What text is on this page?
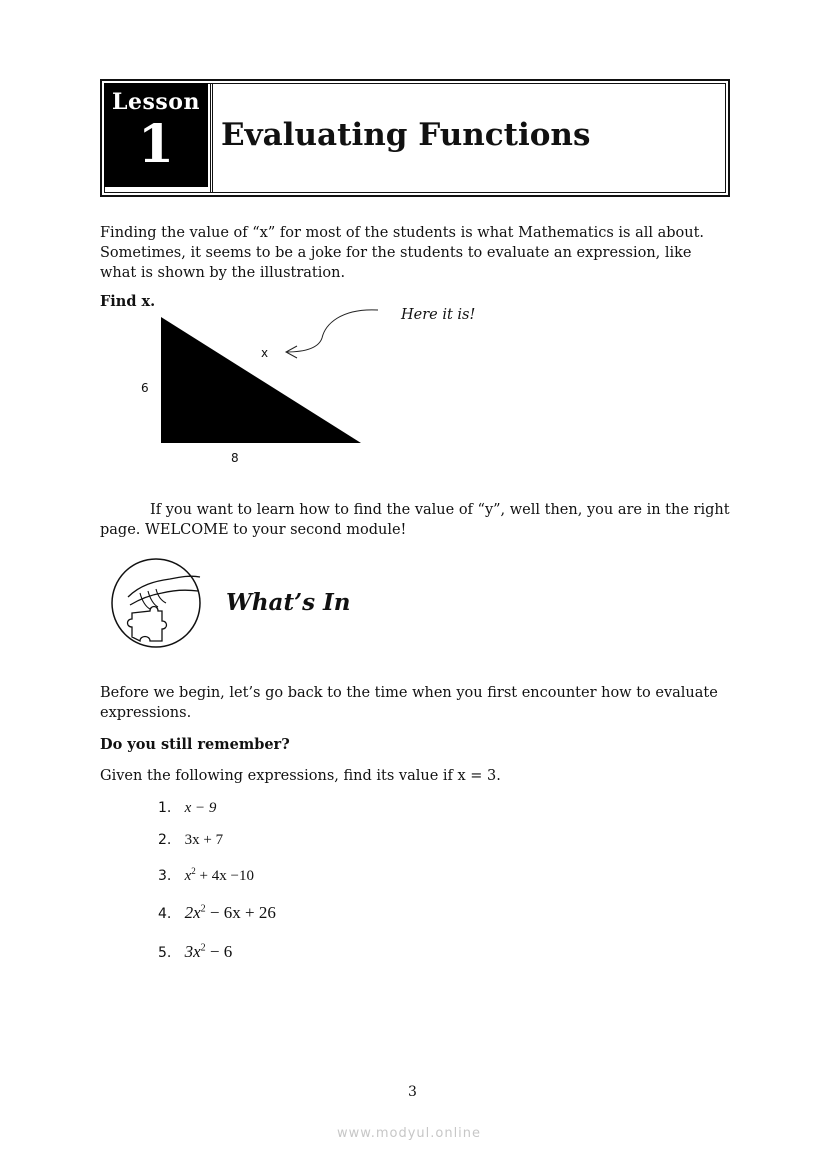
Lesson
1	Evaluating Functions
Finding the value of “x” for most of the students is what Mathematics is all about.
Sometimes, it seems to be a joke for the students to evaluate an expression, like
what is shown by the illustration.
Find x.
Here it is!
x
6
8
If you want to learn how to find the value of “y”, well then, you are in the right
page. WELCOME to your second module!
What’s In
Before we begin, let’s go back to the time when you first encounter how to evaluate
expressions.
Do you still remember?
Given the following expressions, find its value if x = 3.
1. x − 9
2. 3x + 7
3. $x^2 + 4x -10$
4. $2x^2 - 6x + 26$
5. $3x^2 - 6$
3
www.modyul.online
